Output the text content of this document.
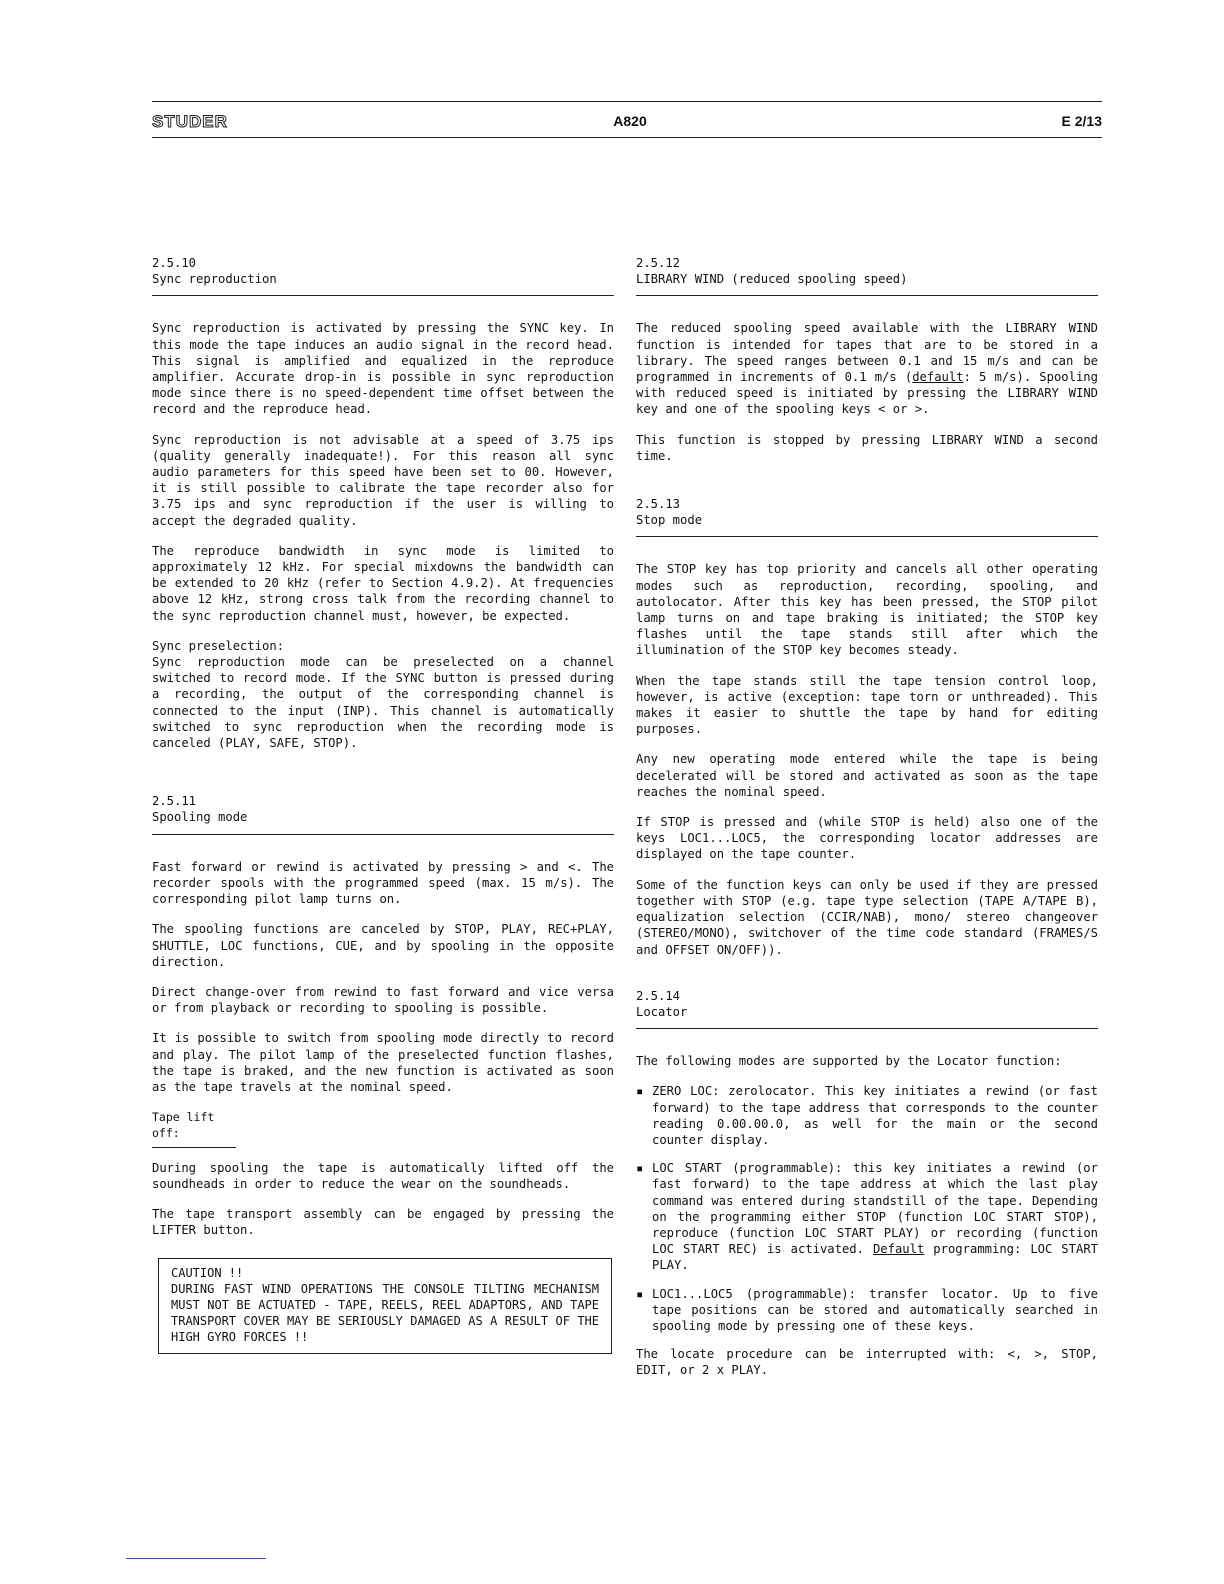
STUDER	A820	E 2/13
2.5.10
Sync reproduction

Sync reproduction is activated by pressing the SYNC key. In this mode the tape induces an audio signal in the record head. This signal is amplified and equalized in the reproduce amplifier. Accurate drop-in is possible in sync reproduction mode since there is no speed-dependent time offset between the record and the reproduce head.

Sync reproduction is not advisable at a speed of 3.75 ips (quality generally inadequate!). For this reason all sync audio parameters for this speed have been set to 00. However, it is still possible to calibrate the tape recorder also for 3.75 ips and sync reproduction if the user is willing to accept the degraded quality.

The reproduce bandwidth in sync mode is limited to approximately 12 kHz. For special mixdowns the bandwidth can be extended to 20 kHz (refer to Section 4.9.2). At frequencies above 12 kHz, strong cross talk from the recording channel to the sync reproduction channel must, however, be expected.

Sync preselection:
Sync reproduction mode can be preselected on a channel switched to record mode. If the SYNC button is pressed during a recording, the output of the corresponding channel is connected to the input (INP). This channel is automatically switched to sync reproduction when the recording mode is canceled (PLAY, SAFE, STOP).

2.5.11
Spooling mode

Fast forward or rewind is activated by pressing > and <. The recorder spools with the programmed speed (max. 15 m/s). The corresponding pilot lamp turns on.

The spooling functions are canceled by STOP, PLAY, REC+PLAY, SHUTTLE, LOC functions, CUE, and by spooling in the opposite direction.

Direct change-over from rewind to fast forward and vice versa or from playback or recording to spooling is possible.

It is possible to switch from spooling mode directly to record and play. The pilot lamp of the preselected function flashes, the tape is braked, and the new function is activated as soon as the tape travels at the nominal speed.

Tape lift off:

During spooling the tape is automatically lifted off the soundheads in order to reduce the wear on the soundheads.

The tape transport assembly can be engaged by pressing the LIFTER button.

CAUTION !!
DURING FAST WIND OPERATIONS THE CONSOLE TILTING MECHANISM MUST NOT BE ACTUATED - TAPE, REELS, REEL ADAPTORS, AND TAPE TRANSPORT COVER MAY BE SERIOUSLY DAMAGED AS A RESULT OF THE HIGH GYRO FORCES !!
2.5.12
LIBRARY WIND (reduced spooling speed)

The reduced spooling speed available with the LIBRARY WIND function is intended for tapes that are to be stored in a library. The speed ranges between 0.1 and 15 m/s and can be programmed in increments of 0.1 m/s (default: 5 m/s). Spooling with reduced speed is initiated by pressing the LIBRARY WIND key and one of the spooling keys < or >.

This function is stopped by pressing LIBRARY WIND a second time.

2.5.13
Stop mode

The STOP key has top priority and cancels all other operating modes such as reproduction, recording, spooling, and autolocator. After this key has been pressed, the STOP pilot lamp turns on and tape braking is initiated; the STOP key flashes until the tape stands still after which the illumination of the STOP key becomes steady.

When the tape stands still the tape tension control loop, however, is active (exception: tape torn or unthreaded). This makes it easier to shuttle the tape by hand for editing purposes.

Any new operating mode entered while the tape is being decelerated will be stored and activated as soon as the tape reaches the nominal speed.

If STOP is pressed and (while STOP is held) also one of the keys LOC1...LOC5, the corresponding locator addresses are displayed on the tape counter.

Some of the function keys can only be used if they are pressed together with STOP (e.g. tape type selection (TAPE A/TAPE B), equalization selection (CCIR/NAB), mono/ stereo changeover (STEREO/MONO), switchover of the time code standard (FRAMES/S and OFFSET ON/OFF)).

2.5.14
Locator

The following modes are supported by the Locator function:

▪ ZERO LOC: zerolocator. This key initiates a rewind (or fast forward) to the tape address that corresponds to the counter reading 0.00.00.0, as well for the main or the second counter display.
▪ LOC START (programmable): this key initiates a rewind (or fast forward) to the tape address at which the last play command was entered during standstill of the tape. Depending on the programming either STOP (function LOC START STOP), reproduce (function LOC START PLAY) or recording (function LOC START REC) is activated. Default programming: LOC START PLAY.
▪ LOC1...LOC5 (programmable): transfer locator. Up to five tape positions can be stored and automatically searched in spooling mode by pressing one of these keys.

The locate procedure can be interrupted with: <, >, STOP, EDIT, or 2 x PLAY.
